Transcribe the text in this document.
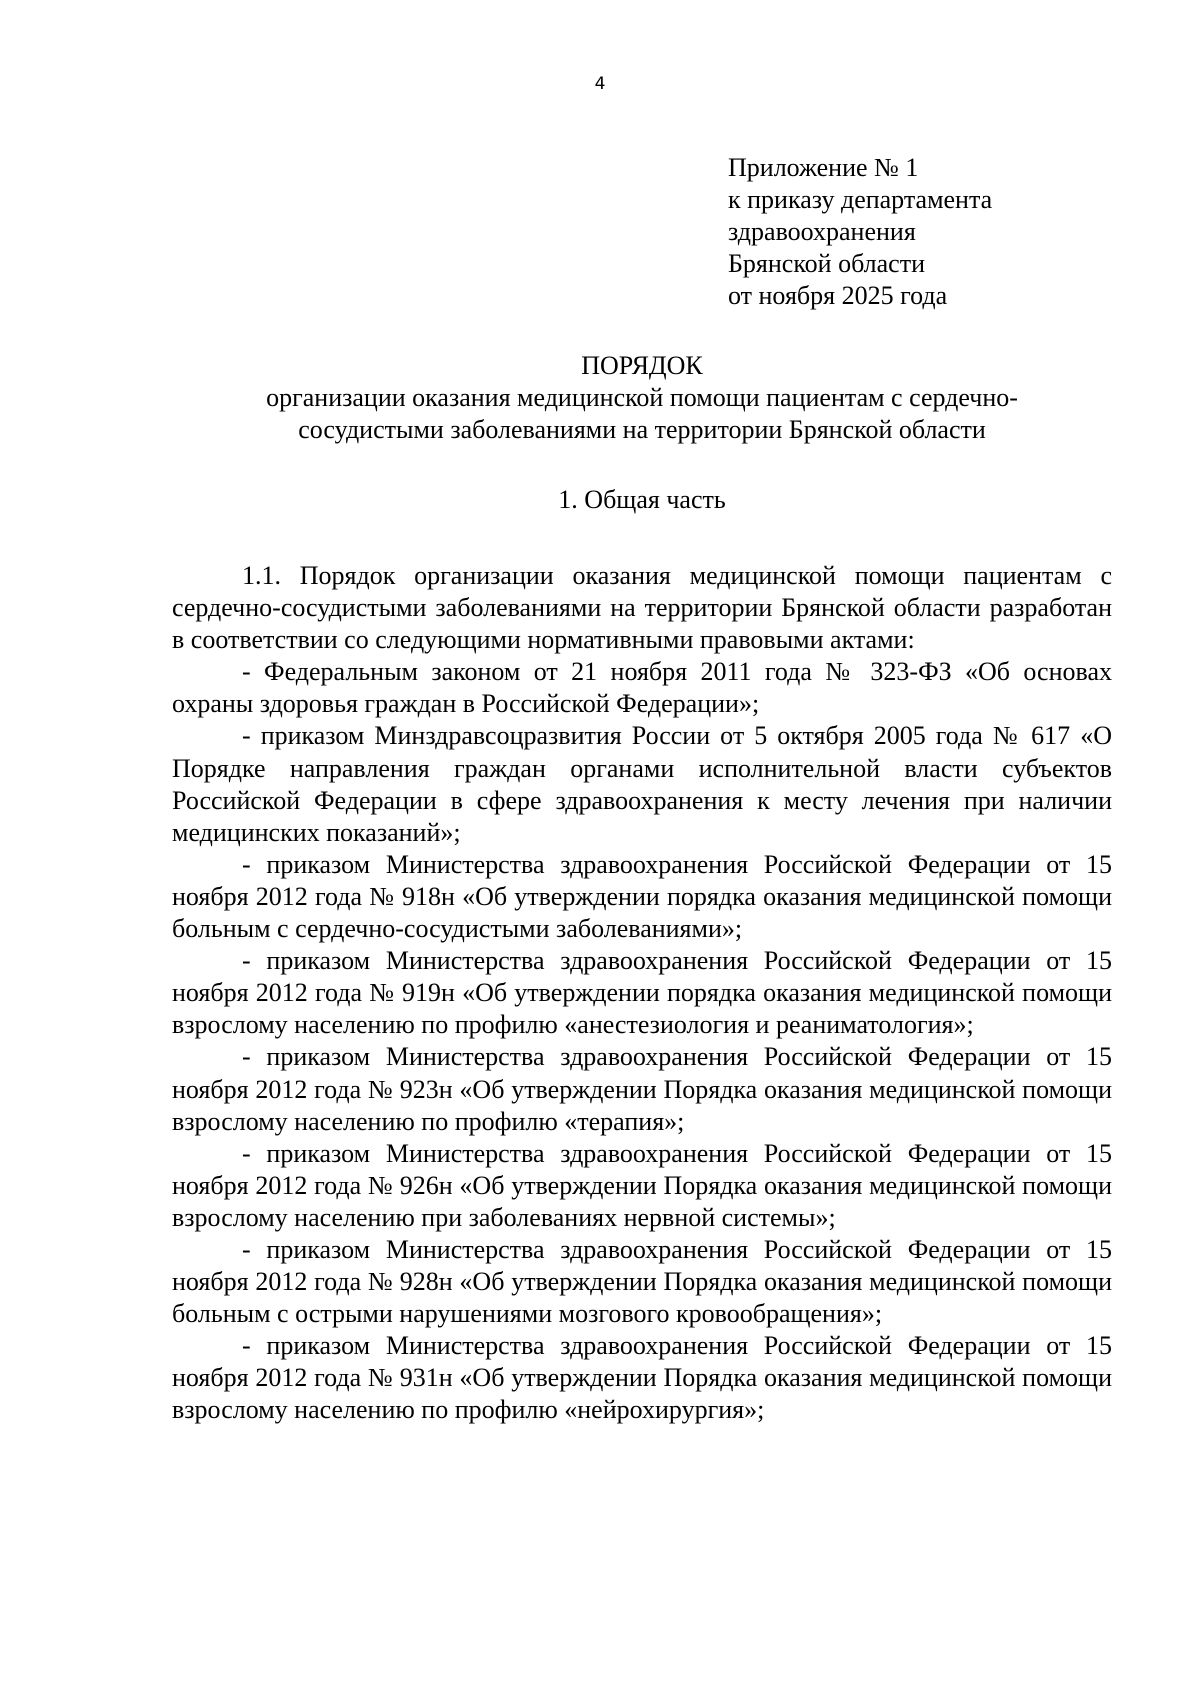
4
Приложение № 1
к приказу департамента
здравоохранения
Брянской области
от ноября 2025 года
ПОРЯДОК
организации оказания медицинской помощи пациентам с сердечно-
сосудистыми заболеваниями на территории Брянской области
1. Общая часть

1.1. Порядок организации оказания медицинской помощи пациентам с сердечно-сосудистыми заболеваниями на территории Брянской области разработан в соответствии со следующими нормативными правовыми актами:

- Федеральным законом от 21 ноября 2011 года № 323-ФЗ «Об основах охраны здоровья граждан в Российской Федерации»;

- приказом Минздравсоцразвития России от 5 октября 2005 года № 617 «О Порядке направления граждан органами исполнительной власти субъектов Российской Федерации в сфере здравоохранения к месту лечения при наличии медицинских показаний»;

- приказом Министерства здравоохранения Российской Федерации от 15 ноября 2012 года № 918н «Об утверждении порядка оказания медицинской помощи больным с сердечно-сосудистыми заболеваниями»;

- приказом Министерства здравоохранения Российской Федерации от 15 ноября 2012 года № 919н «Об утверждении порядка оказания медицинской помощи взрослому населению по профилю «анестезиология и реаниматология»;

- приказом Министерства здравоохранения Российской Федерации от 15 ноября 2012 года № 923н «Об утверждении Порядка оказания медицинской помощи взрослому населению по профилю «терапия»;

- приказом Министерства здравоохранения Российской Федерации от 15 ноября 2012 года № 926н «Об утверждении Порядка оказания медицинской помощи взрослому населению при заболеваниях нервной системы»;

- приказом Министерства здравоохранения Российской Федерации от 15 ноября 2012 года № 928н «Об утверждении Порядка оказания медицинской помощи больным с острыми нарушениями мозгового кровообращения»;

- приказом Министерства здравоохранения Российской Федерации от 15 ноября 2012 года № 931н «Об утверждении Порядка оказания медицинской помощи взрослому населению по профилю «нейрохирургия»;
